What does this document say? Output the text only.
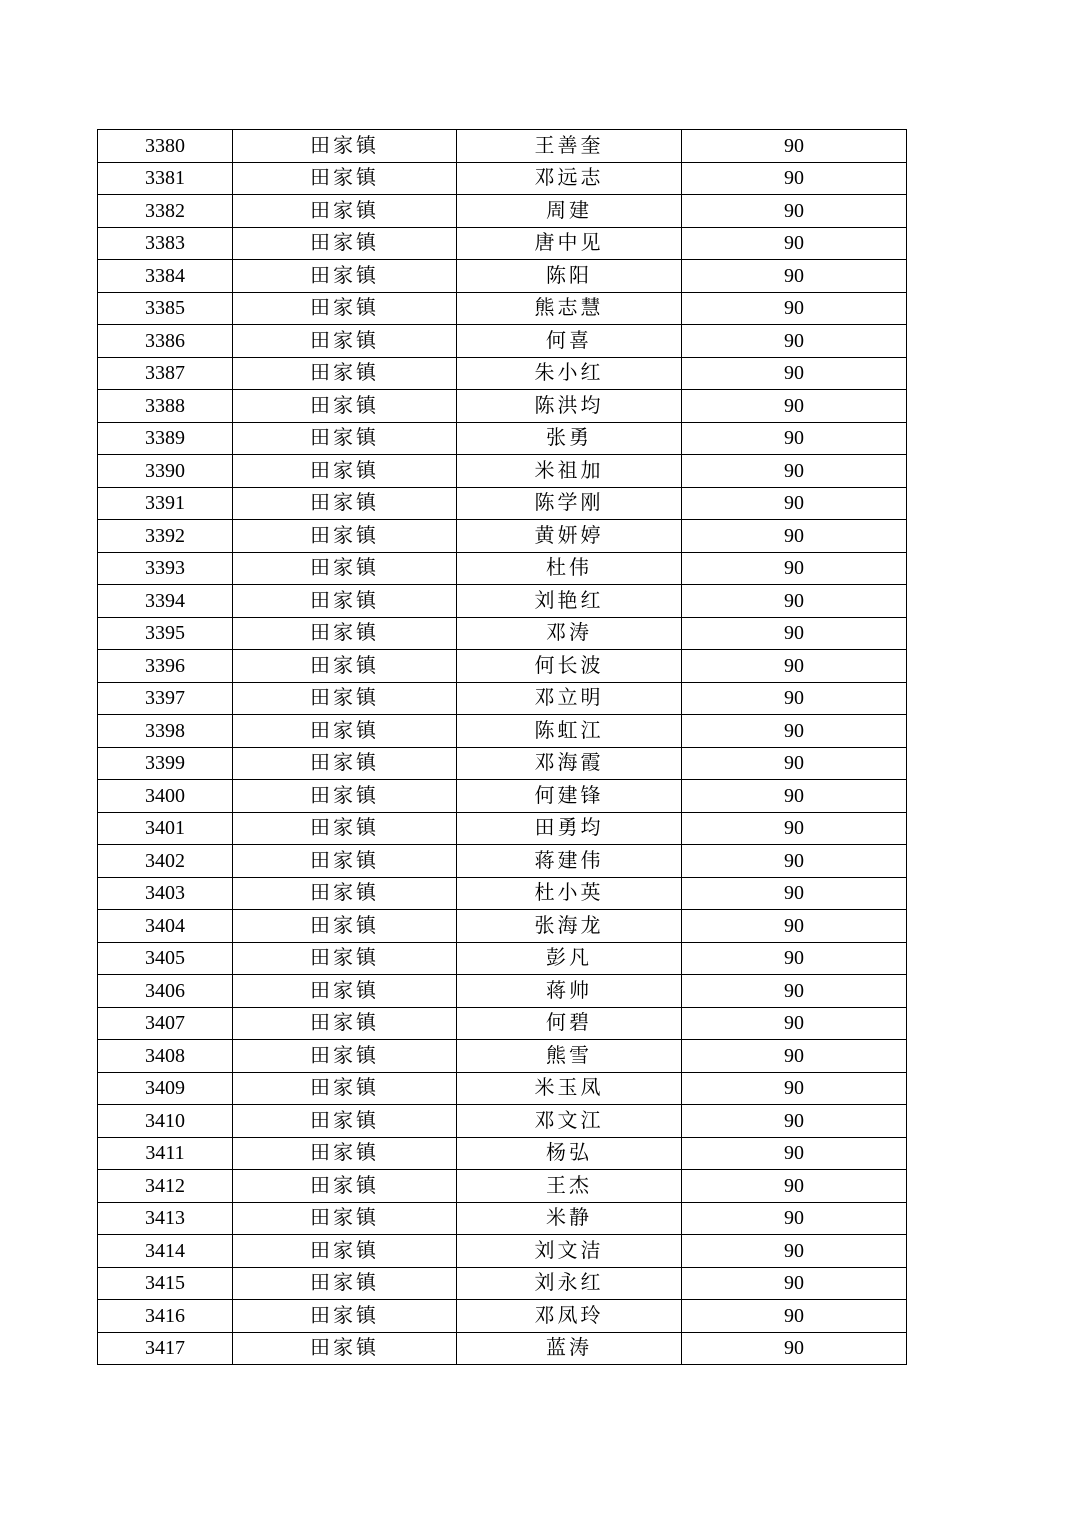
3380	田家镇	王善奎	90
3381	田家镇	邓远志	90
3382	田家镇	周建	90
3383	田家镇	唐中见	90
3384	田家镇	陈阳	90
3385	田家镇	熊志慧	90
3386	田家镇	何喜	90
3387	田家镇	朱小红	90
3388	田家镇	陈洪均	90
3389	田家镇	张勇	90
3390	田家镇	米祖加	90
3391	田家镇	陈学刚	90
3392	田家镇	黄妍婷	90
3393	田家镇	杜伟	90
3394	田家镇	刘艳红	90
3395	田家镇	邓涛	90
3396	田家镇	何长波	90
3397	田家镇	邓立明	90
3398	田家镇	陈虹江	90
3399	田家镇	邓海霞	90
3400	田家镇	何建锋	90
3401	田家镇	田勇均	90
3402	田家镇	蒋建伟	90
3403	田家镇	杜小英	90
3404	田家镇	张海龙	90
3405	田家镇	彭凡	90
3406	田家镇	蒋帅	90
3407	田家镇	何碧	90
3408	田家镇	熊雪	90
3409	田家镇	米玉凤	90
3410	田家镇	邓文江	90
3411	田家镇	杨弘	90
3412	田家镇	王杰	90
3413	田家镇	米静	90
3414	田家镇	刘文洁	90
3415	田家镇	刘永红	90
3416	田家镇	邓凤玲	90
3417	田家镇	蓝涛	90
